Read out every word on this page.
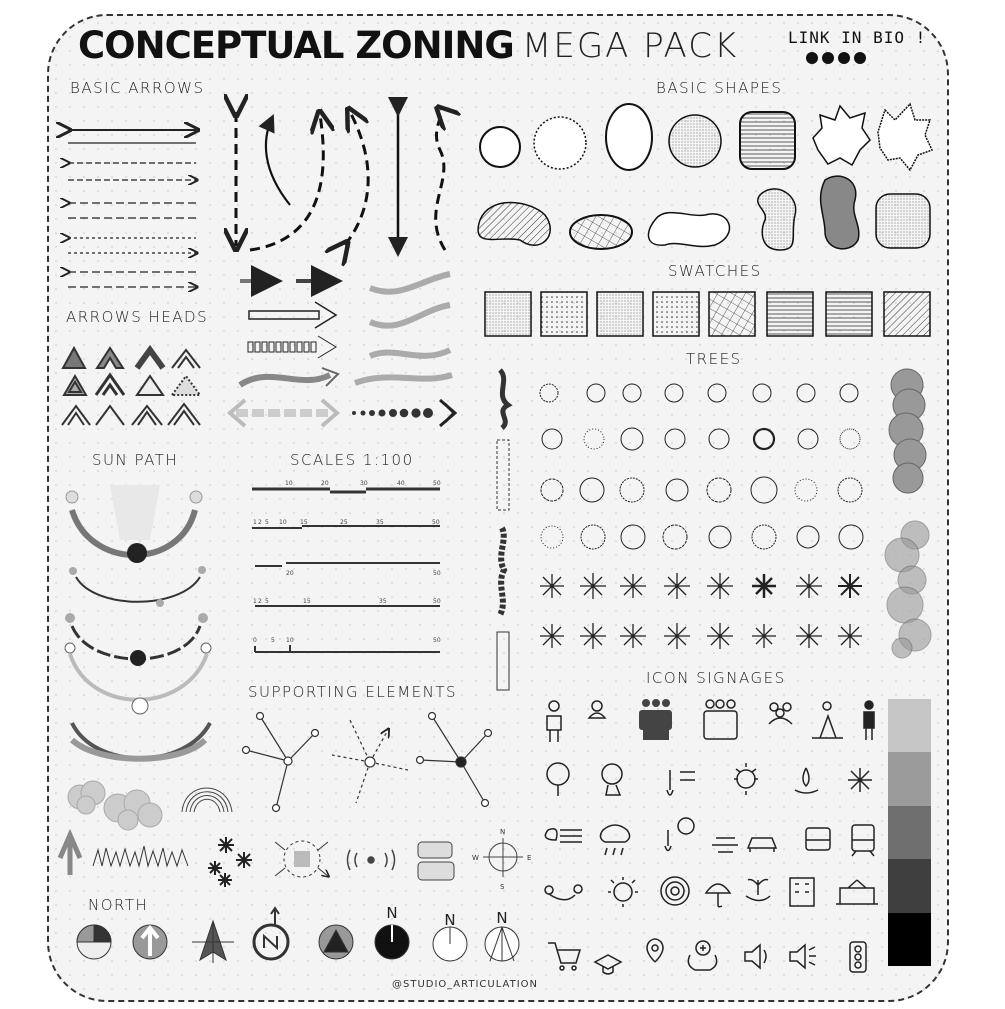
CONCEPTUAL ZONING MEGA PACK	LINK IN BIO !
BASIC ARROWS	BASIC SHAPES
ARROWS HEADS
SWATCHES
TREES
SUN PATH	SCALES 1:100
SUPPORTING ELEMENTS
ICON SIGNAGES
NORTH
@STUDIO_ARTICULATION
10	20	30	40	50
1 2 5 10 15	25	35	50
20	50
1 2 5	15	35	50
0 5 10	50
N
S
E
W
N	N	N
